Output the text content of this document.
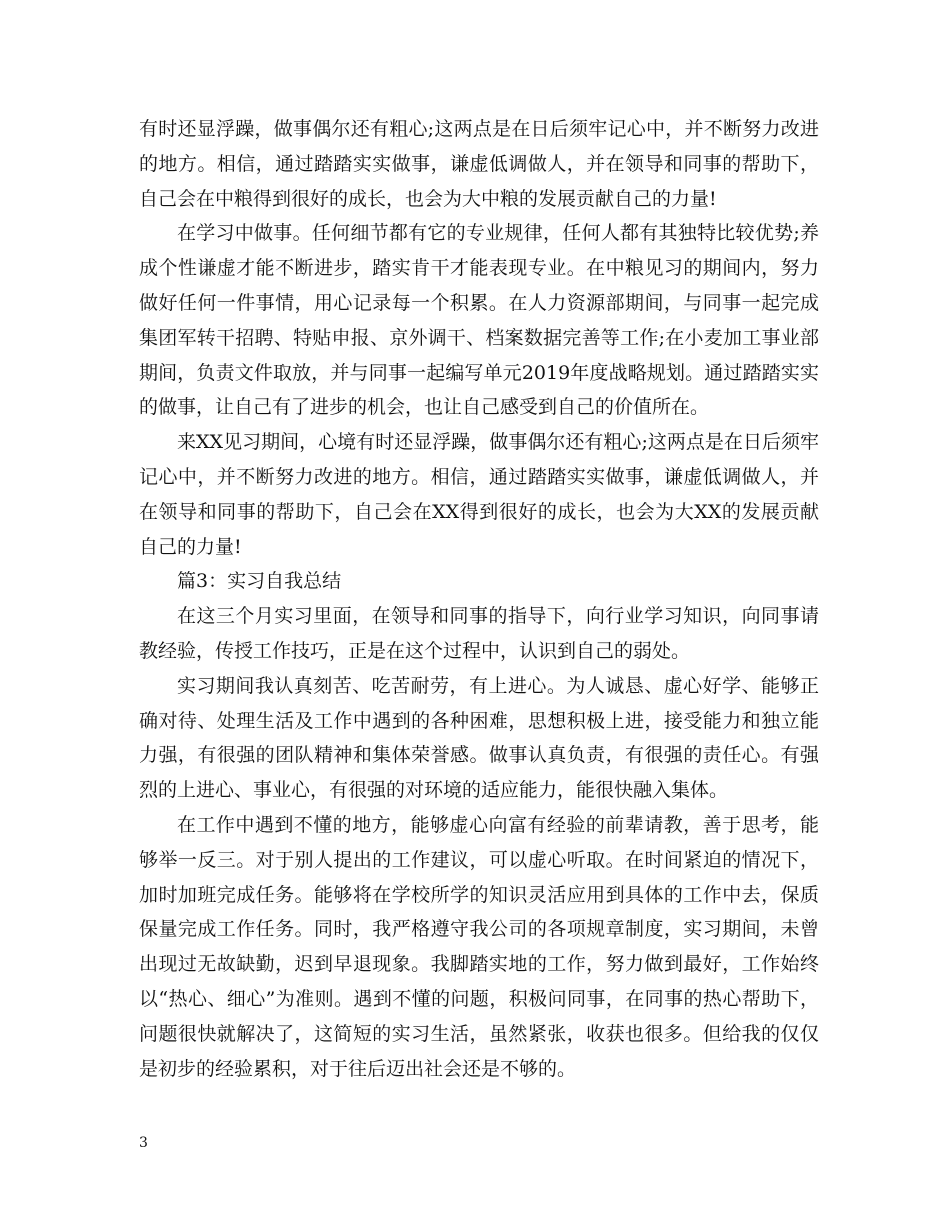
有时还显浮躁，做事偶尔还有粗心;这两点是在日后须牢记心中，并不断努力改进的地方。相信，通过踏踏实实做事，谦虚低调做人，并在领导和同事的帮助下，自己会在中粮得到很好的成长，也会为大中粮的发展贡献自己的力量!

在学习中做事。任何细节都有它的专业规律，任何人都有其独特比较优势;养成个性谦虚才能不断进步，踏实肯干才能表现专业。在中粮见习的期间内，努力做好任何一件事情，用心记录每一个积累。在人力资源部期间，与同事一起完成集团军转干招聘、特贴申报、京外调干、档案数据完善等工作;在小麦加工事业部期间，负责文件取放，并与同事一起编写单元2019年度战略规划。通过踏踏实实的做事，让自己有了进步的机会，也让自己感受到自己的价值所在。

来XX见习期间，心境有时还显浮躁，做事偶尔还有粗心;这两点是在日后须牢记心中，并不断努力改进的地方。相信，通过踏踏实实做事，谦虚低调做人，并在领导和同事的帮助下，自己会在XX得到很好的成长，也会为大XX的发展贡献自己的力量!

篇3：实习自我总结

在这三个月实习里面，在领导和同事的指导下，向行业学习知识，向同事请教经验，传授工作技巧，正是在这个过程中，认识到自己的弱处。

实习期间我认真刻苦、吃苦耐劳，有上进心。为人诚恳、虚心好学、能够正确对待、处理生活及工作中遇到的各种困难，思想积极上进，接受能力和独立能力强，有很强的团队精神和集体荣誉感。做事认真负责，有很强的责任心。有强烈的上进心、事业心，有很强的对环境的适应能力，能很快融入集体。

在工作中遇到不懂的地方，能够虚心向富有经验的前辈请教，善于思考，能够举一反三。对于别人提出的工作建议，可以虚心听取。在时间紧迫的情况下，加时加班完成任务。能够将在学校所学的知识灵活应用到具体的工作中去，保质保量完成工作任务。同时，我严格遵守我公司的各项规章制度，实习期间，未曾出现过无故缺勤，迟到早退现象。我脚踏实地的工作，努力做到最好，工作始终以“热心、细心”为准则。遇到不懂的问题，积极问同事，在同事的热心帮助下，问题很快就解决了，这简短的实习生活，虽然紧张，收获也很多。但给我的仅仅是初步的经验累积，对于往后迈出社会还是不够的。

3
